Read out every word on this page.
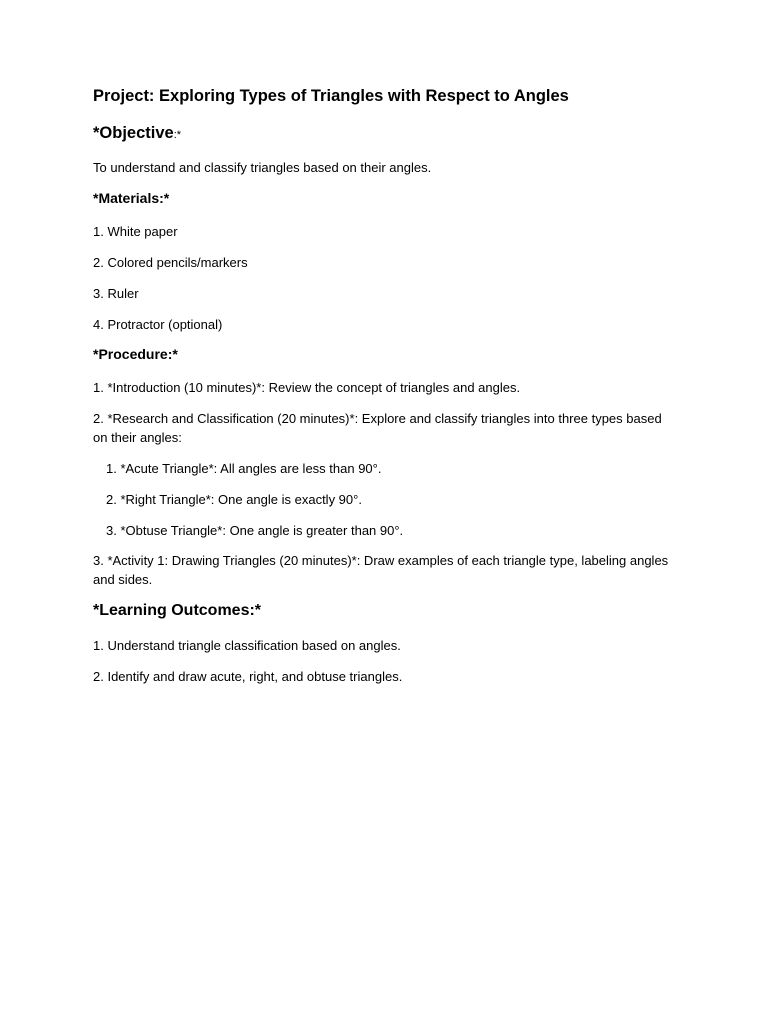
Project: Exploring Types of Triangles with Respect to Angles
*Objective:*

To understand and classify triangles based on their angles.

*Materials:*

1. White paper

2. Colored pencils/markers

3. Ruler

4. Protractor (optional)

*Procedure:*

1. *Introduction (10 minutes)*: Review the concept of triangles and angles.

2. *Research and Classification (20 minutes)*: Explore and classify triangles into three types based on their angles:

1. *Acute Triangle*: All angles are less than 90°.

2. *Right Triangle*: One angle is exactly 90°.

3. *Obtuse Triangle*: One angle is greater than 90°.

3. *Activity 1: Drawing Triangles (20 minutes)*: Draw examples of each triangle type, labeling angles and sides.

*Learning Outcomes:*

1. Understand triangle classification based on angles.

2. Identify and draw acute, right, and obtuse triangles.
